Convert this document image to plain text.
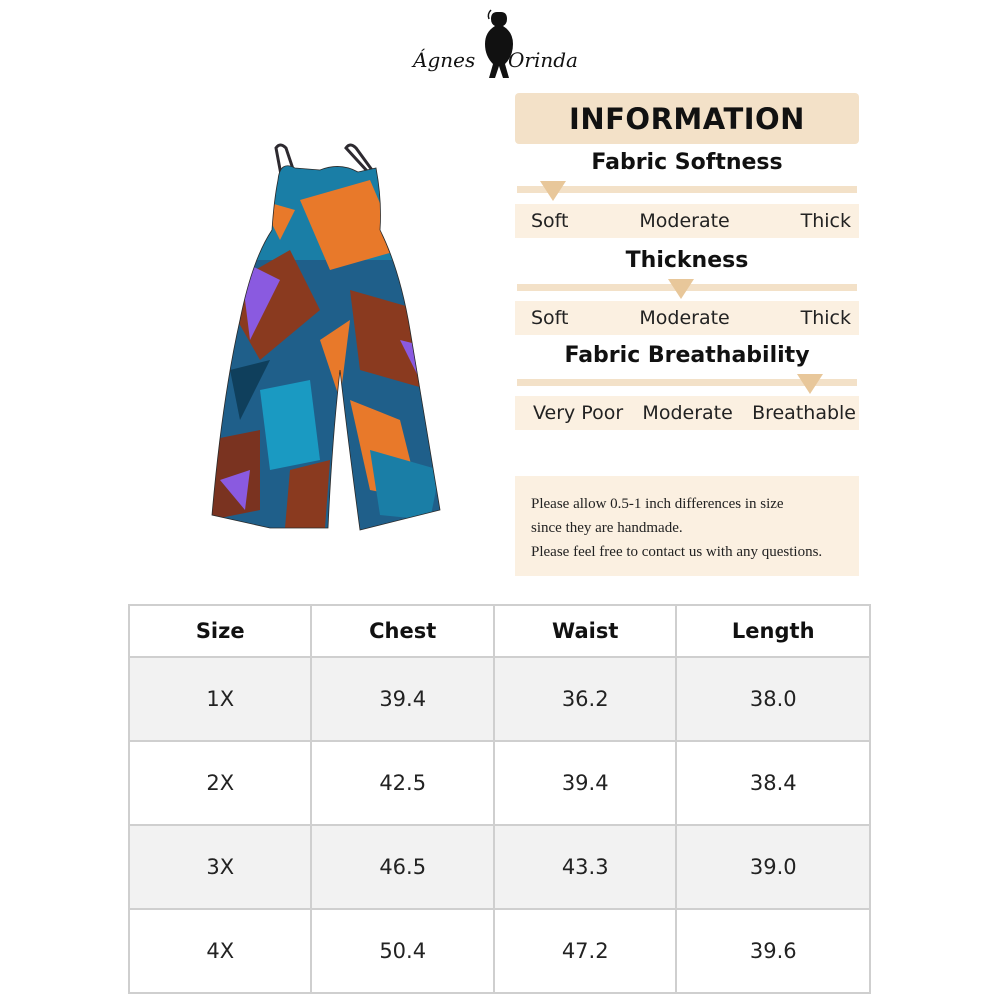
Ágnes Orinda
INFORMATION
Fabric Softness
Soft	Moderate	Thick
Thickness
Soft	Moderate	Thick
Fabric Breathability
Very Poor Moderate Breathable
Please allow 0.5-1 inch differences in size
since they are handmade.
Please feel free to contact us with any questions.
Size	Chest	Waist	Length
1X	39.4	36.2	38.0
2X	42.5	39.4	38.4
3X	46.5	43.3	39.0
4X	50.4	47.2	39.6
